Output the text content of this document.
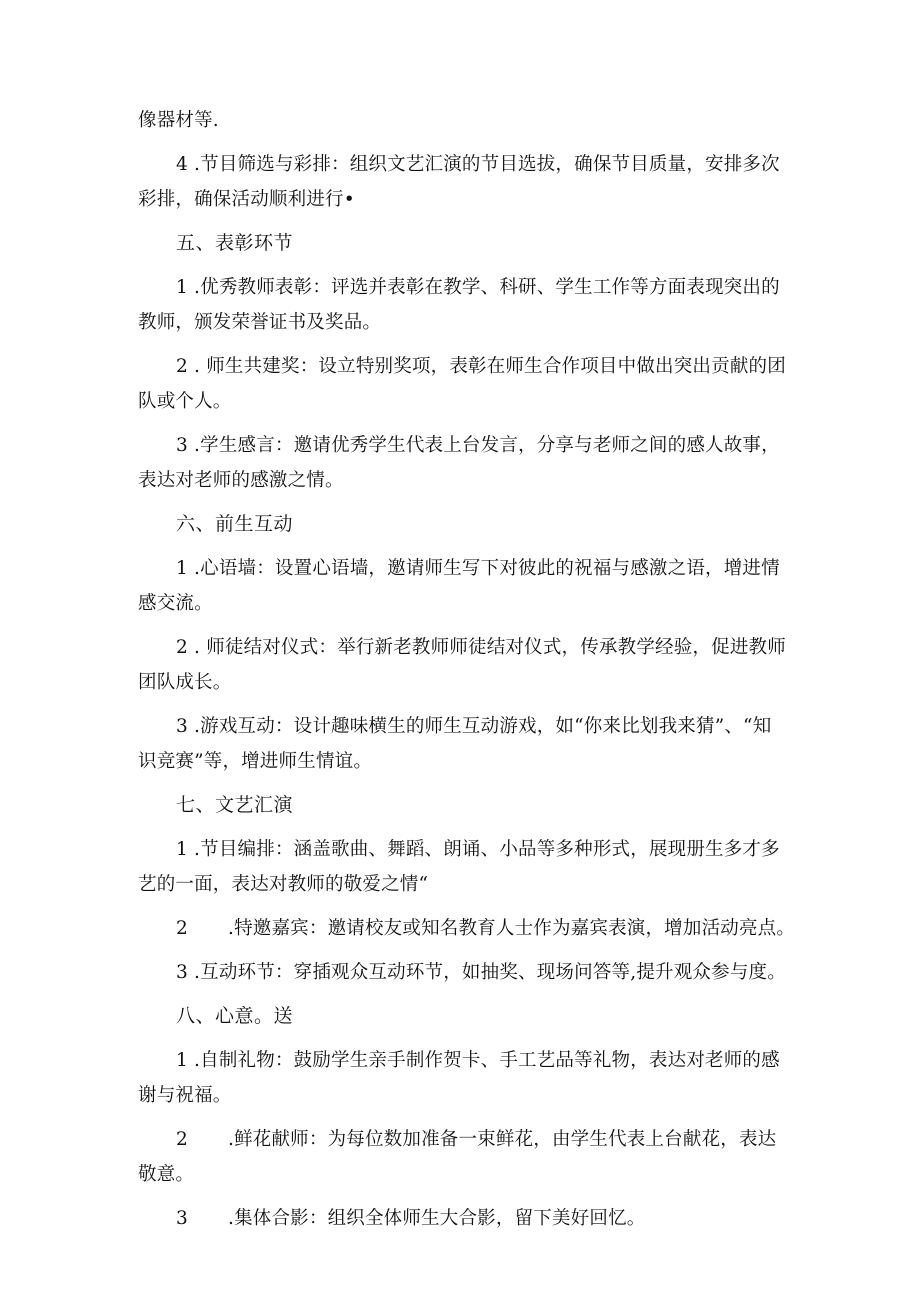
像器材等.
4 .节目筛选与彩排：组织文艺汇演的节目选拔，确保节目质量，安排多次
彩排，确保活动顺利进行•
五、表彰环节
1 .优秀教师表彰：评选并表彰在教学、科研、学生工作等方面表现突出的
教师，颁发荣誉证书及奖品。
2 . 师生共建奖：设立特别奖项，表彰在师生合作项目中做出突出贡献的团
队或个人。
3 .学生感言：邀请优秀学生代表上台发言，分享与老师之间的感人故事，
表达对老师的感激之情。
六、前生互动
1 .心语墙：设置心语墙，邀请师生写下对彼此的祝福与感激之语，增进情
感交流。
2 . 师徒结对仪式：举行新老教师师徒结对仪式，传承教学经验，促进教师
团队成长。
3 .游戏互动：设计趣味横生的师生互动游戏，如“你来比划我来猜”、“知
识竞赛”等，增进师生情谊。
七、文艺汇演
1 .节目编排：涵盖歌曲、舞蹈、朗诵、小品等多种形式，展现册生多才多
艺的一面，表达对教师的敬爱之情“
2 .特邀嘉宾：邀请校友或知名教育人士作为嘉宾表演，增加活动亮点。
3 .互动环节：穿插观众互动环节，如抽奖、现场问答等,提升观众参与度。
八、心意。送
1 .自制礼物：鼓励学生亲手制作贺卡、手工艺品等礼物，表达对老师的感
谢与祝福。
2 .鲜花献师：为每位数加准备一束鲜花，由学生代表上台献花，表达
敬意。
3 .集体合影：组织全体师生大合影，留下美好回忆。
